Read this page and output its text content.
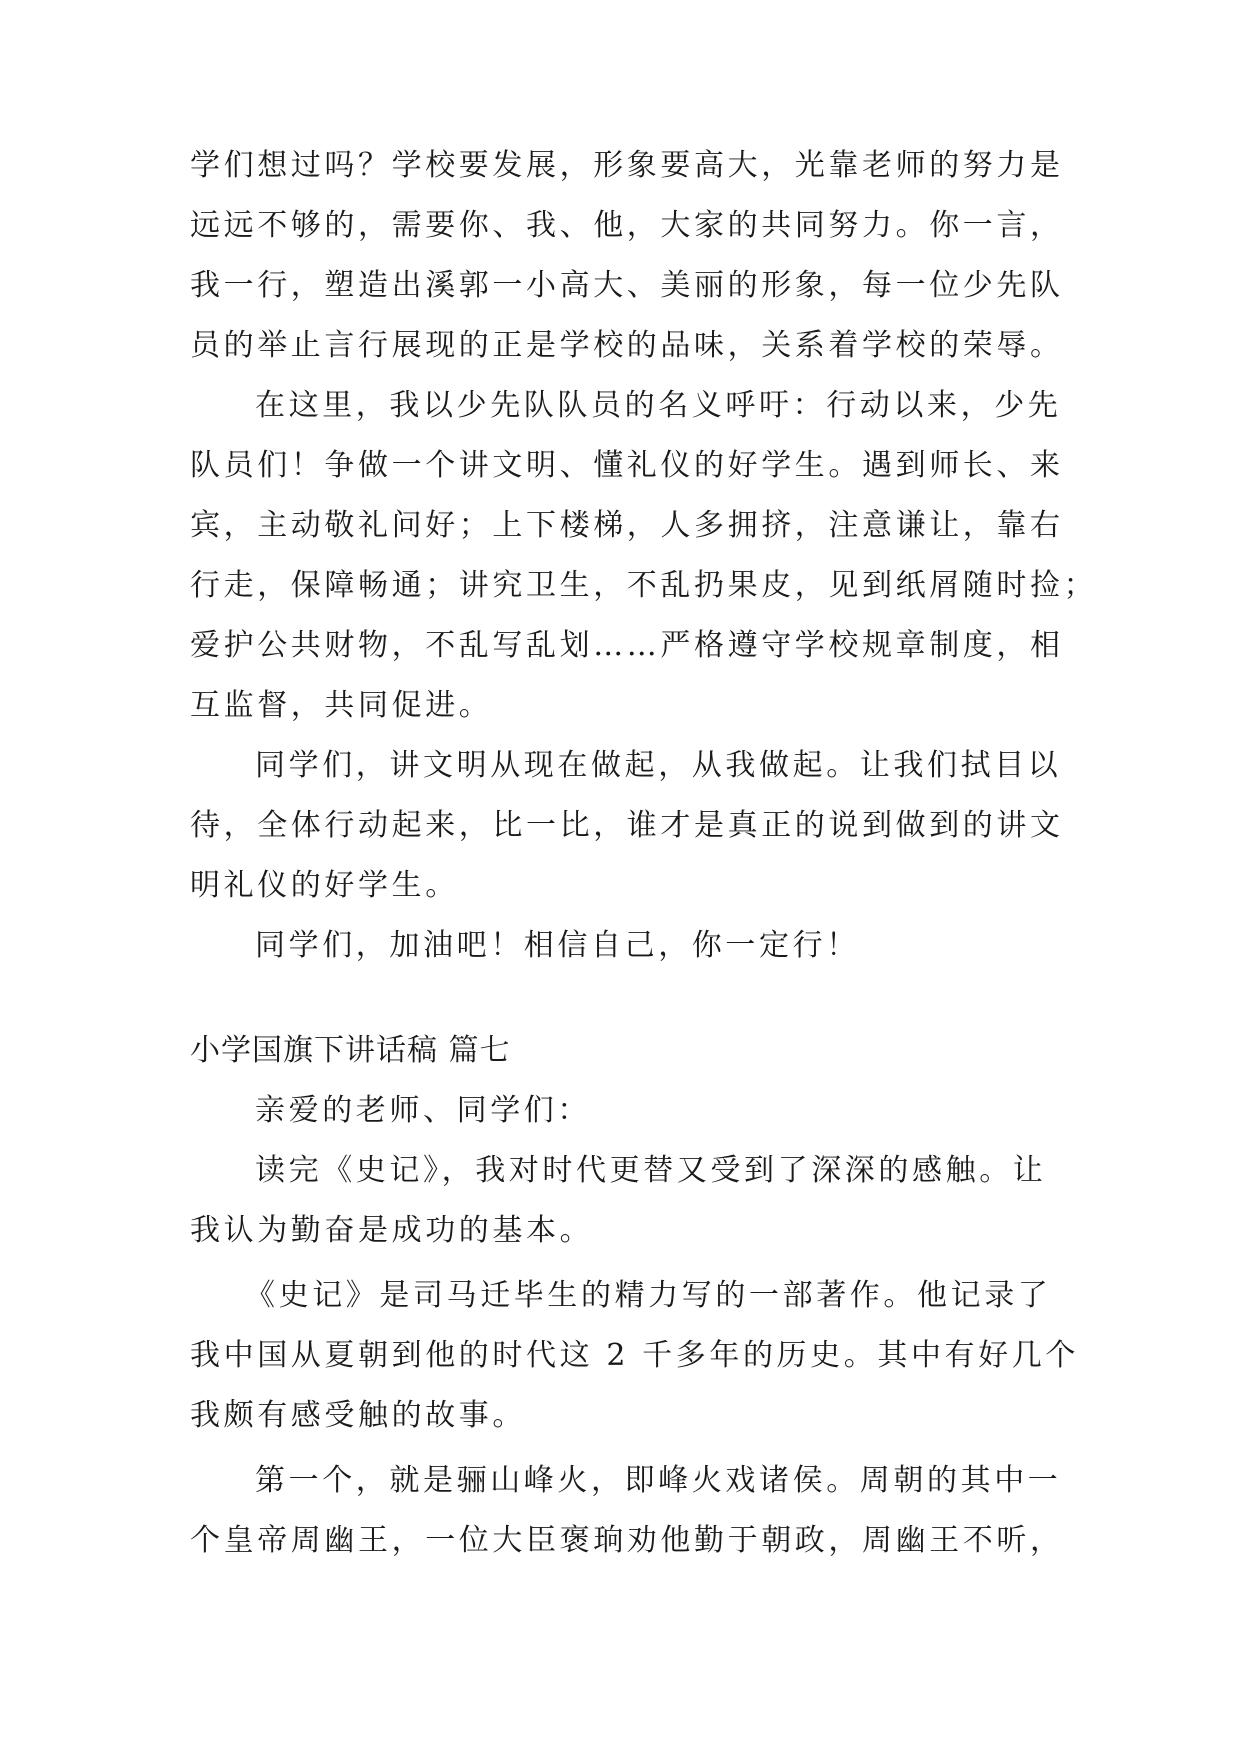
学们想过吗？学校要发展，形象要高大，光靠老师的努力是

远远不够的，需要你、我、他，大家的共同努力。你一言，

我一行，塑造出溪郭一小高大、美丽的形象，每一位少先队

员的举止言行展现的正是学校的品味，关系着学校的荣辱。

在这里，我以少先队队员的名义呼吁：行动以来，少先

队员们！争做一个讲文明、懂礼仪的好学生。遇到师长、来

宾，主动敬礼问好；上下楼梯，人多拥挤，注意谦让，靠右

行走，保障畅通；讲究卫生，不乱扔果皮，见到纸屑随时捡；

爱护公共财物，不乱写乱划……严格遵守学校规章制度，相

互监督，共同促进。

同学们，讲文明从现在做起，从我做起。让我们拭目以

待，全体行动起来，比一比，谁才是真正的说到做到的讲文

明礼仪的好学生。

同学们，加油吧！相信自己，你一定行！

小学国旗下讲话稿 篇七

亲爱的老师、同学们：

读完《史记》，我对时代更替又受到了深深的感触。让

我认为勤奋是成功的基本。

《史记》是司马迁毕生的精力写的一部著作。他记录了

我中国从夏朝到他的时代这 2 千多年的历史。其中有好几个

我颇有感受触的故事。

第一个，就是骊山峰火，即峰火戏诸侯。周朝的其中一

个皇帝周幽王，一位大臣褒珦劝他勤于朝政，周幽王不听，
